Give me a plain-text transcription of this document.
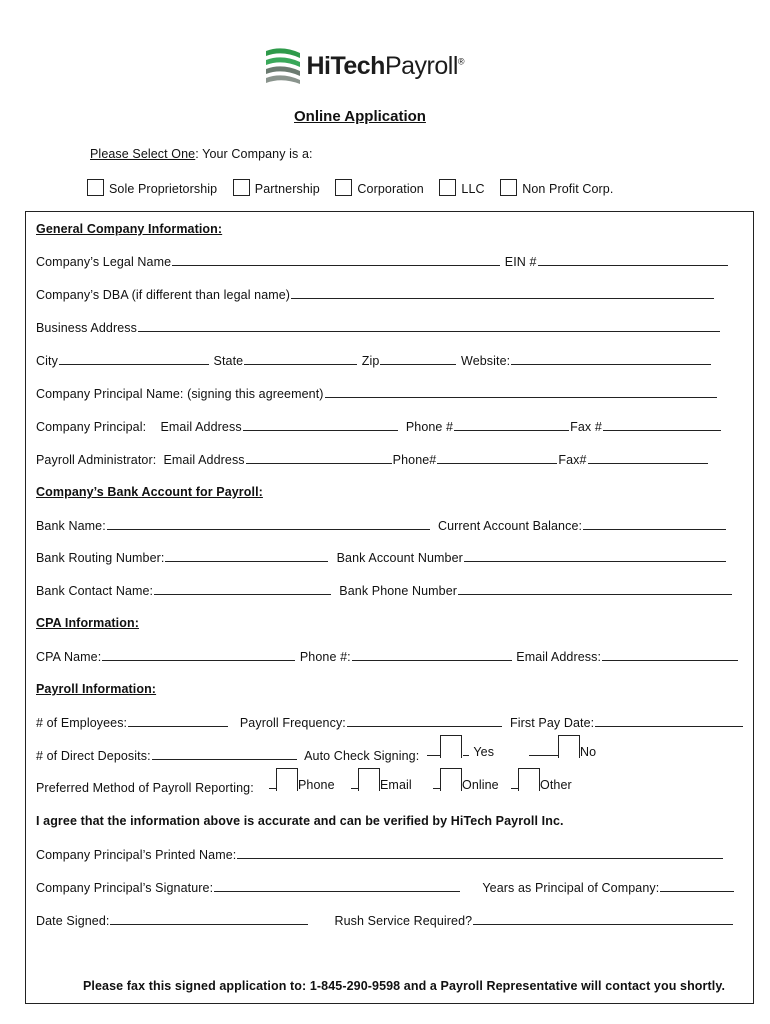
HiTechPayroll®
Online Application
Please Select One: Your Company is a:
Sole Proprietorship	Partnership	Corporation	LLC	Non Profit Corp.
General Company Information:
Company’s Legal Name	EIN #
Company’s DBA (if different than legal name)
Business Address
City	State	Zip	Website:
Company Principal Name: (signing this agreement)
Company Principal: Email Address	Phone #	Fax #
Payroll Administrator: Email Address	Phone#	Fax#
Company’s Bank Account for Payroll:
Bank Name:	Current Account Balance:
Bank Routing Number:	Bank Account Number
Bank Contact Name:	Bank Phone Number
CPA Information:
CPA Name:	Phone #:	Email Address:
Payroll Information:
# of Employees:	Payroll Frequency:	First Pay Date:
# of Direct Deposits:	Auto Check Signing:	Yes	No
Preferred Method of Payroll Reporting:	Phone	Email	Online	Other
I agree that the information above is accurate and can be verified by HiTech Payroll Inc.
Company Principal’s Printed Name:
Company Principal’s Signature:	Years as Principal of Company:
Date Signed:	Rush Service Required?
Please fax this signed application to: 1-845-290-9598 and a Payroll Representative will contact you shortly.
